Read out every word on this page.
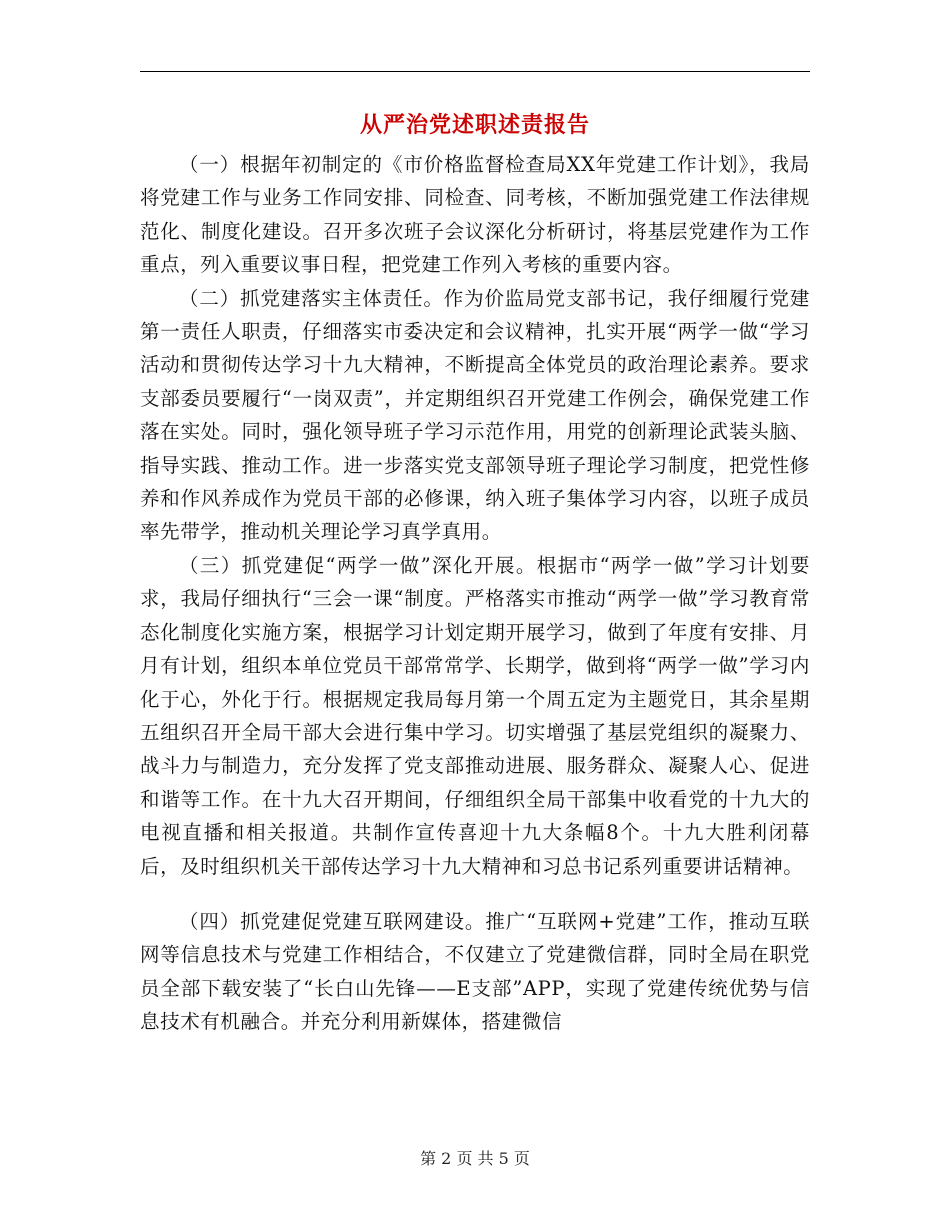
从严治党述职述责报告

（一）根据年初制定的《市价格监督检查局XX年党建工作计划》，我局将党建工作与业务工作同安排、同检查、同考核，不断加强党建工作法律规范化、制度化建设。召开多次班子会议深化分析研讨，将基层党建作为工作重点，列入重要议事日程，把党建工作列入考核的重要内容。

（二）抓党建落实主体责任。作为价监局党支部书记，我仔细履行党建第一责任人职责，仔细落实市委决定和会议精神，扎实开展“两学一做“学习活动和贯彻传达学习十九大精神，不断提高全体党员的政治理论素养。要求支部委员要履行“一岗双责”，并定期组织召开党建工作例会，确保党建工作落在实处。同时，强化领导班子学习示范作用，用党的创新理论武装头脑、指导实践、推动工作。进一步落实党支部领导班子理论学习制度，把党性修养和作风养成作为党员干部的必修课，纳入班子集体学习内容，以班子成员率先带学，推动机关理论学习真学真用。

（三）抓党建促“两学一做”深化开展。根据市“两学一做”学习计划要求，我局仔细执行“三会一课“制度。严格落实市推动“两学一做”学习教育常态化制度化实施方案，根据学习计划定期开展学习，做到了年度有安排、月月有计划，组织本单位党员干部常常学、长期学，做到将“两学一做”学习内化于心，外化于行。根据规定我局每月第一个周五定为主题党日，其余星期五组织召开全局干部大会进行集中学习。切实增强了基层党组织的凝聚力、战斗力与制造力，充分发挥了党支部推动进展、服务群众、凝聚人心、促进和谐等工作。在十九大召开期间，仔细组织全局干部集中收看党的十九大的电视直播和相关报道。共制作宣传喜迎十九大条幅8个。十九大胜利闭幕后，及时组织机关干部传达学习十九大精神和习总书记系列重要讲话精神。

（四）抓党建促党建互联网建设。推广“互联网+党建”工作，推动互联网等信息技术与党建工作相结合，不仅建立了党建微信群，同时全局在职党员全部下载安装了“长白山先锋——E支部”APP，实现了党建传统优势与信息技术有机融合。并充分利用新媒体，搭建微信

第 2 页 共 5 页
